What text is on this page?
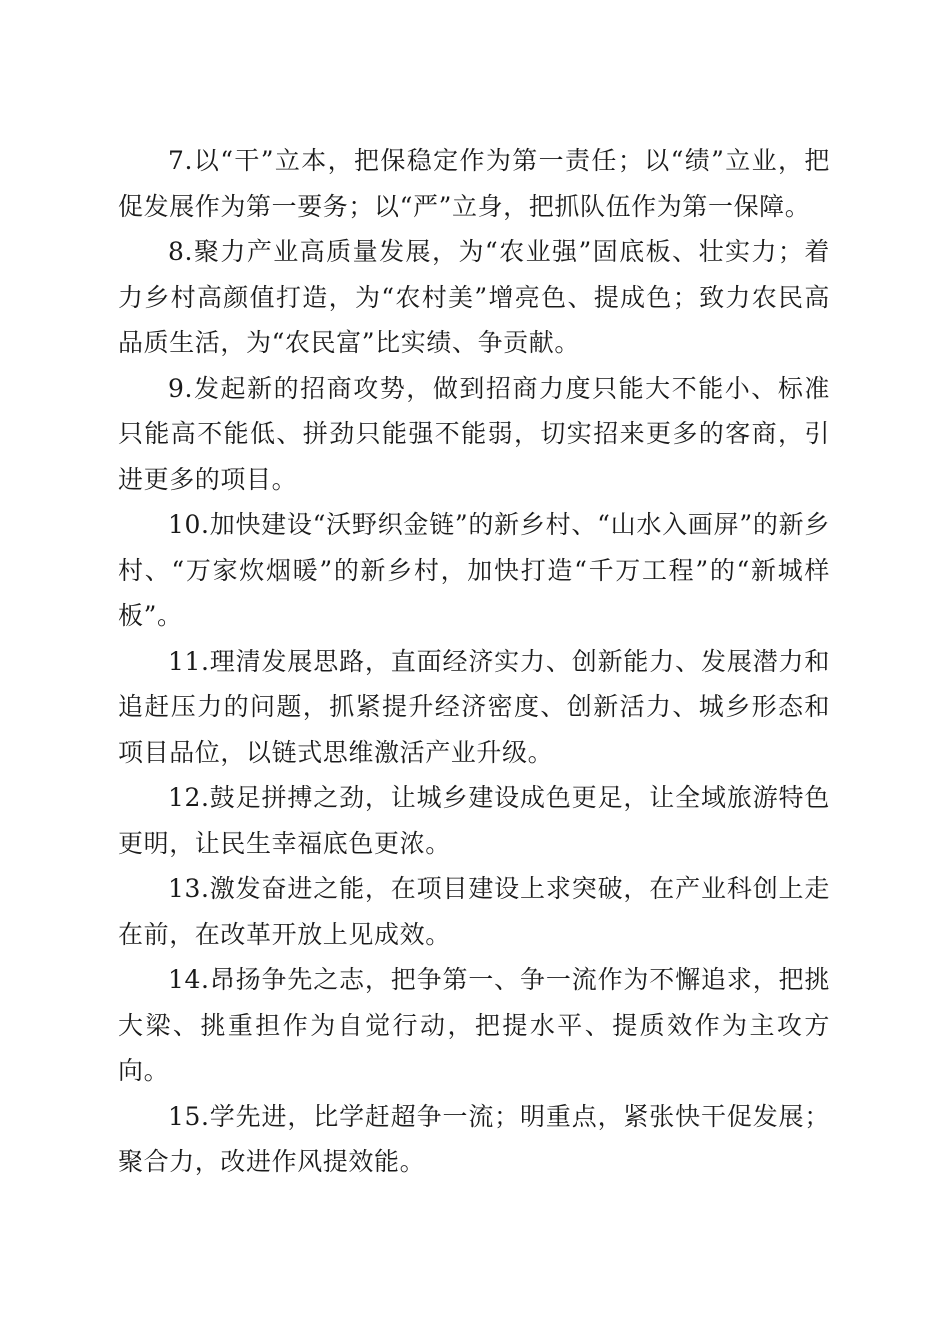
7.以“干”立本，把保稳定作为第一责任；以“绩”立业，把促发展作为第一要务；以“严”立身，把抓队伍作为第一保障。

8.聚力产业高质量发展，为“农业强”固底板、壮实力；着力乡村高颜值打造，为“农村美”增亮色、提成色；致力农民高品质生活，为“农民富”比实绩、争贡献。

9.发起新的招商攻势，做到招商力度只能大不能小、标准只能高不能低、拼劲只能强不能弱，切实招来更多的客商，引进更多的项目。

10.加快建设“沃野织金链”的新乡村、“山水入画屏”的新乡村、“万家炊烟暖”的新乡村，加快打造“千万工程”的“新城样板”。

11.理清发展思路，直面经济实力、创新能力、发展潜力和追赶压力的问题，抓紧提升经济密度、创新活力、城乡形态和项目品位，以链式思维激活产业升级。

12.鼓足拼搏之劲，让城乡建设成色更足，让全域旅游特色更明，让民生幸福底色更浓。

13.激发奋进之能，在项目建设上求突破，在产业科创上走在前，在改革开放上见成效。

14.昂扬争先之志，把争第一、争一流作为不懈追求，把挑大梁、挑重担作为自觉行动，把提水平、提质效作为主攻方向。

15.学先进，比学赶超争一流；明重点，紧张快干促发展；聚合力，改进作风提效能。
